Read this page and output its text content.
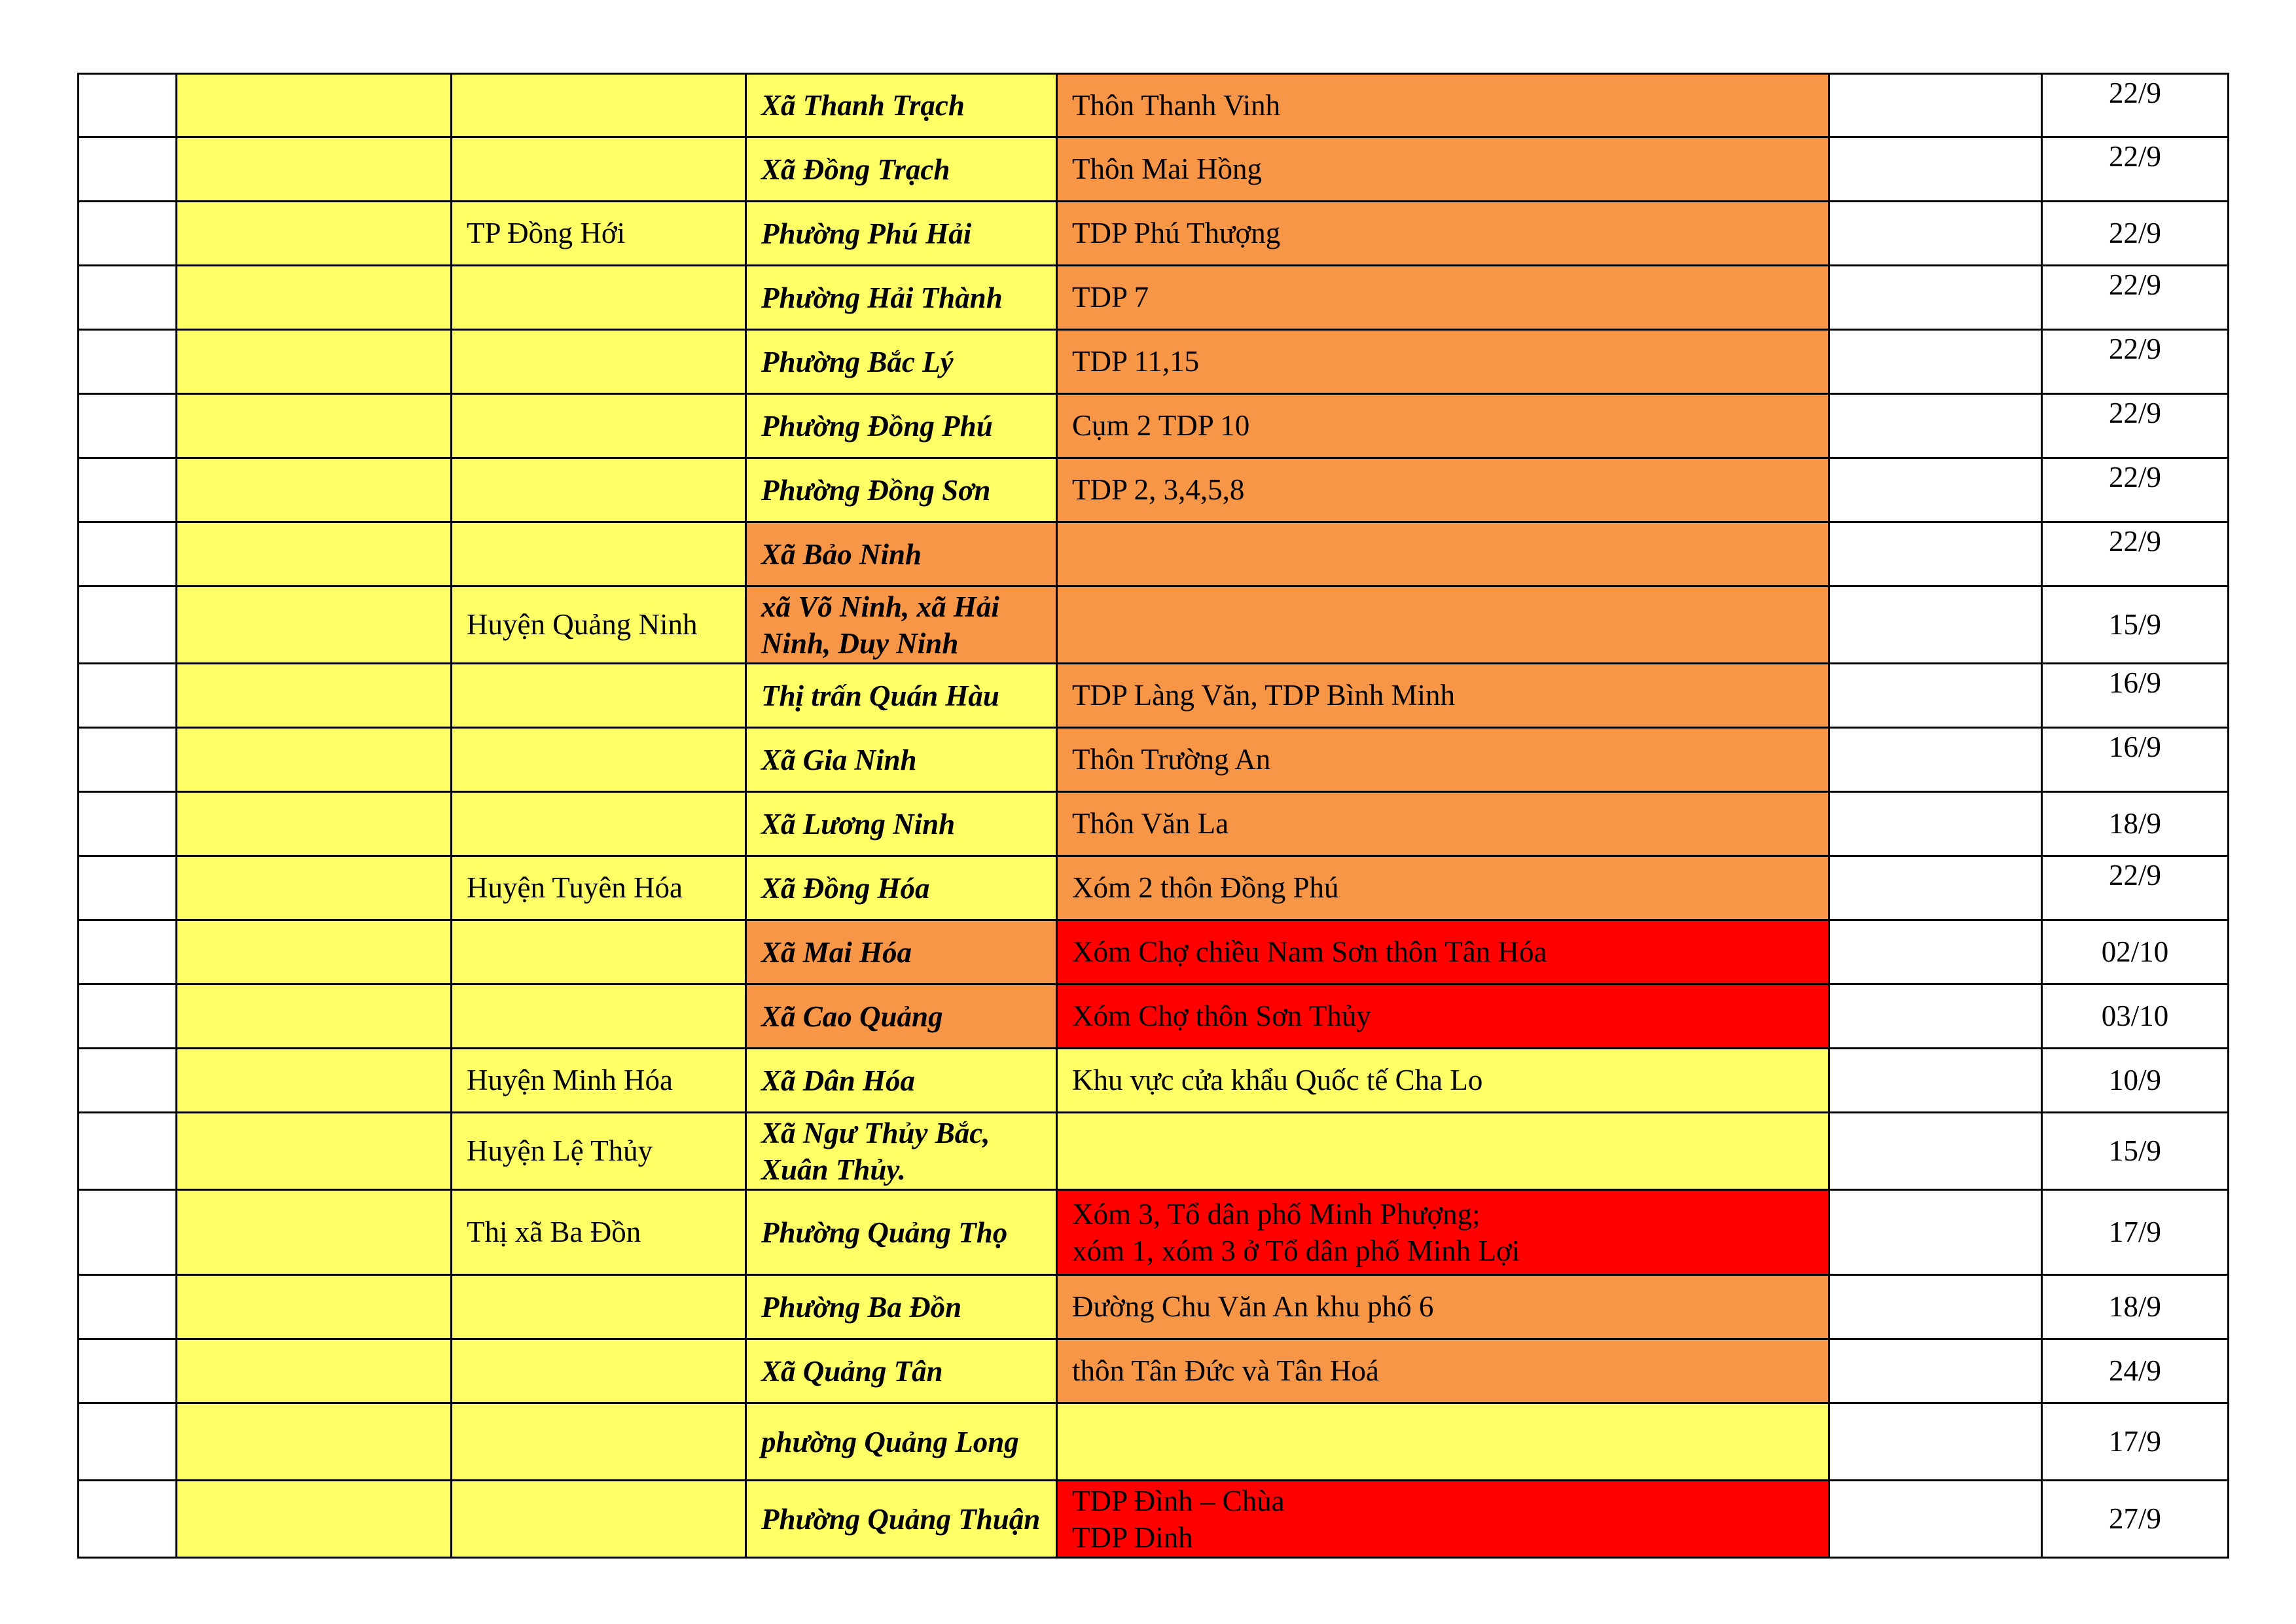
			Xã Thanh Trạch	Thôn Thanh Vinh		22/9
			Xã Đồng Trạch	Thôn Mai Hồng		22/9
		TP Đồng Hới	Phường Phú Hải	TDP Phú Thượng		22/9
			Phường Hải Thành	TDP 7		22/9
			Phường Bắc Lý	TDP 11,15		22/9
			Phường Đồng Phú	Cụm 2 TDP 10		22/9
			Phường Đồng Sơn	TDP 2, 3,4,5,8		22/9
			Xã Bảo Ninh			22/9
		Huyện Quảng Ninh	xã Võ Ninh, xã Hải Ninh, Duy Ninh			15/9
			Thị trấn Quán Hàu	TDP Làng Văn, TDP Bình Minh		16/9
			Xã Gia Ninh	Thôn Trường An		16/9
			Xã Lương Ninh	Thôn Văn La		18/9
		Huyện Tuyên Hóa	Xã Đồng Hóa	Xóm 2 thôn Đồng Phú		22/9
			Xã Mai Hóa	Xóm Chợ chiều Nam Sơn thôn Tân Hóa		02/10
			Xã Cao Quảng	Xóm Chợ thôn Sơn Thủy		03/10
		Huyện Minh Hóa	Xã Dân Hóa	Khu vực cửa khẩu Quốc tế Cha Lo		10/9
		Huyện Lệ Thủy	Xã Ngư Thủy Bắc, Xuân Thủy.			15/9
		Thị xã Ba Đồn	Phường Quảng Thọ	Xóm 3, Tổ dân phố Minh Phượng;
xóm 1, xóm 3 ở Tổ dân phố Minh Lợi		17/9
			Phường Ba Đồn	Đường Chu Văn An khu phố 6		18/9
			Xã Quảng Tân	thôn Tân Đức và Tân Hoá		24/9
			phường Quảng Long			17/9
			Phường Quảng Thuận	TDP Đình – Chùa
TDP Dinh		27/9
